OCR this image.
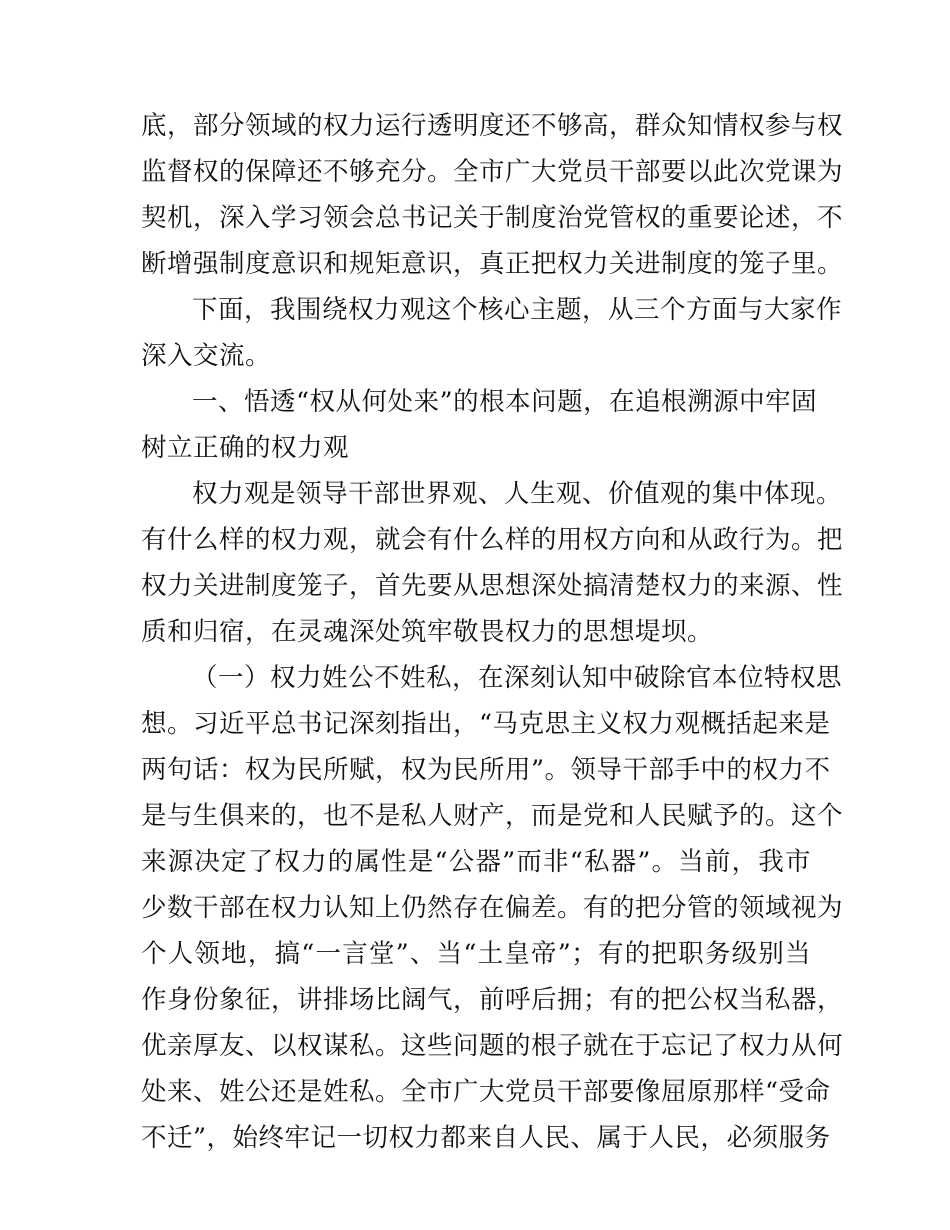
底，部分领域的权力运行透明度还不够高，群众知情权参与权
监督权的保障还不够充分。全市广大党员干部要以此次党课为
契机，深入学习领会总书记关于制度治党管权的重要论述，不
断增强制度意识和规矩意识，真正把权力关进制度的笼子里。
下面，我围绕权力观这个核心主题，从三个方面与大家作
深入交流。
一、悟透“权从何处来”的根本问题，在追根溯源中牢固
树立正确的权力观
权力观是领导干部世界观、人生观、价值观的集中体现。
有什么样的权力观，就会有什么样的用权方向和从政行为。把
权力关进制度笼子，首先要从思想深处搞清楚权力的来源、性
质和归宿，在灵魂深处筑牢敬畏权力的思想堤坝。
（一）权力姓公不姓私，在深刻认知中破除官本位特权思
想。习近平总书记深刻指出，“马克思主义权力观概括起来是
两句话：权为民所赋，权为民所用”。领导干部手中的权力不
是与生俱来的，也不是私人财产，而是党和人民赋予的。这个
来源决定了权力的属性是“公器”而非“私器”。当前，我市
少数干部在权力认知上仍然存在偏差。有的把分管的领域视为
个人领地，搞“一言堂”、当“土皇帝”；有的把职务级别当
作身份象征，讲排场比阔气，前呼后拥；有的把公权当私器，
优亲厚友、以权谋私。这些问题的根子就在于忘记了权力从何
处来、姓公还是姓私。全市广大党员干部要像屈原那样“受命
不迁”，始终牢记一切权力都来自人民、属于人民，必须服务
